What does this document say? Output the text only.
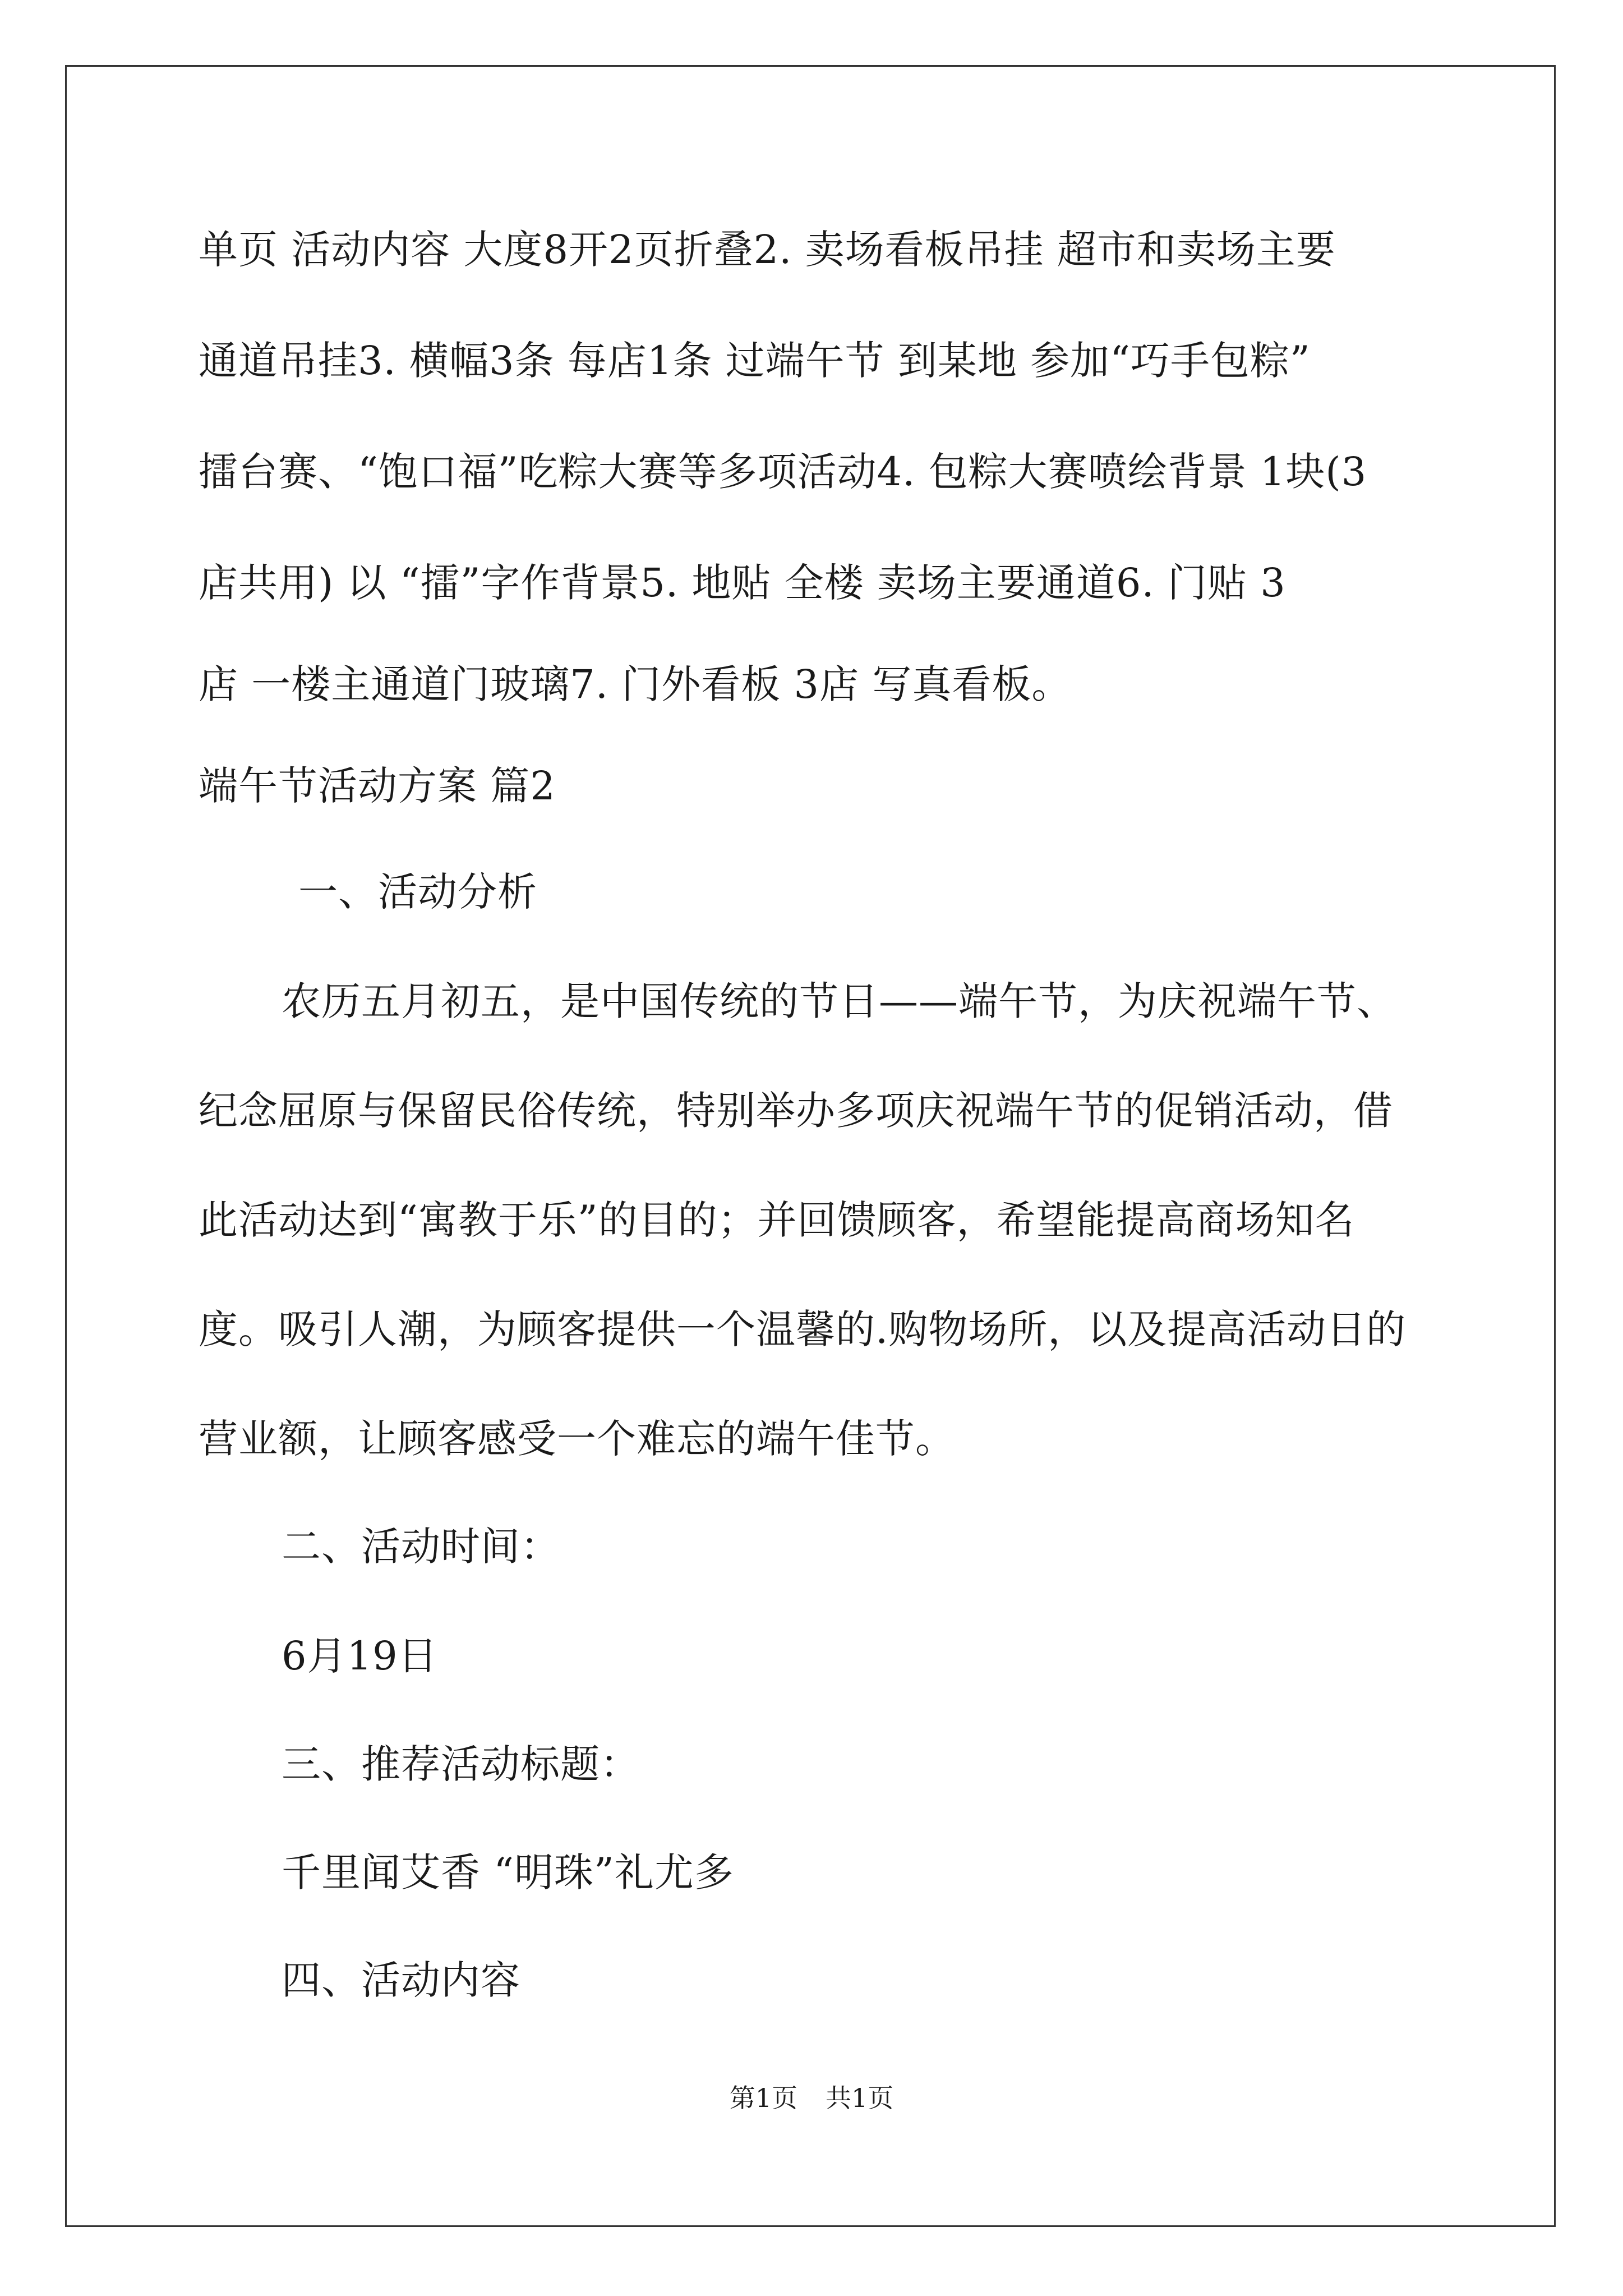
单页 活动内容 大度8开2页折叠2. 卖场看板吊挂 超市和卖场主要
通道吊挂3. 横幅3条 每店1条 过端午节 到某地 参加“巧手包粽”
擂台赛、“饱口福”吃粽大赛等多项活动4. 包粽大赛喷绘背景 1块(3
店共用) 以 “擂”字作背景5. 地贴 全楼 卖场主要通道6. 门贴 3
店 一楼主通道门玻璃7. 门外看板 3店 写真看板。
端午节活动方案 篇2
一、活动分析
农历五月初五，是中国传统的节日——端午节，为庆祝端午节、
纪念屈原与保留民俗传统，特别举办多项庆祝端午节的促销活动，借
此活动达到“寓教于乐”的目的；并回馈顾客，希望能提高商场知名
度。吸引人潮，为顾客提供一个温馨的.购物场所，以及提高活动日的
营业额，让顾客感受一个难忘的端午佳节。
二、活动时间：
6月19日
三、推荐活动标题：
千里闻艾香 “明珠”礼尤多
四、活动内容
第1页 共1页
